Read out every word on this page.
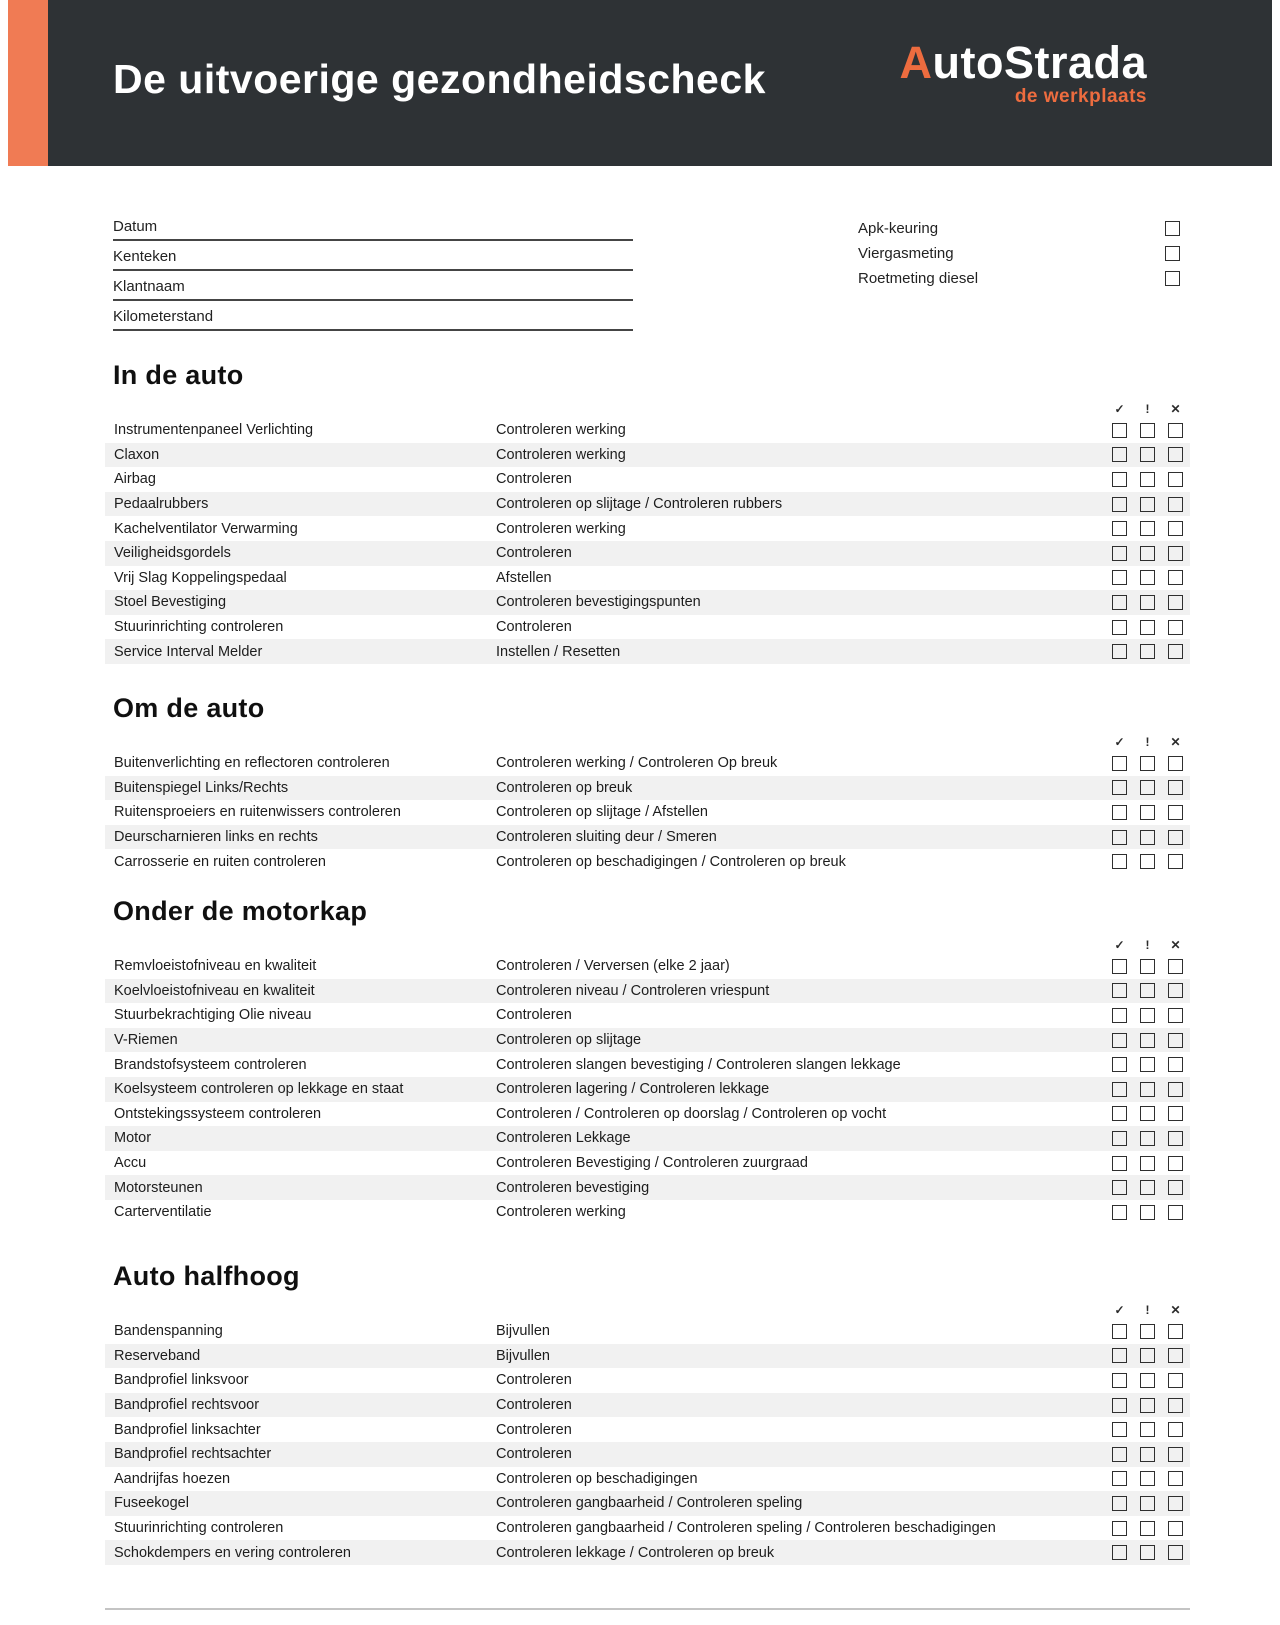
De uitvoerige gezondheidscheck	AutoStrada
de werkplaats
Datum
Kenteken
Klantnaam
Kilometerstand
Apk-keuring
Viergasmeting
Roetmeting diesel
In de auto
✓	!	✕
Instrumentenpaneel Verlichting	Controleren werking
Claxon	Controleren werking
Airbag	Controleren
Pedaalrubbers	Controleren op slijtage / Controleren rubbers
Kachelventilator Verwarming	Controleren werking
Veiligheidsgordels	Controleren
Vrij Slag Koppelingspedaal	Afstellen
Stoel Bevestiging	Controleren bevestigingspunten
Stuurinrichting controleren	Controleren
Service Interval Melder	Instellen / Resetten
Om de auto
✓	!	✕
Buitenverlichting en reflectoren controleren	Controleren werking / Controleren Op breuk
Buitenspiegel Links/Rechts	Controleren op breuk
Ruitensproeiers en ruitenwissers controleren	Controleren op slijtage / Afstellen
Deurscharnieren links en rechts	Controleren sluiting deur / Smeren
Carrosserie en ruiten controleren	Controleren op beschadigingen / Controleren op breuk
Onder de motorkap
✓	!	✕
Remvloeistofniveau en kwaliteit	Controleren / Verversen (elke 2 jaar)
Koelvloeistofniveau en kwaliteit	Controleren niveau / Controleren vriespunt
Stuurbekrachtiging Olie niveau	Controleren
V-Riemen	Controleren op slijtage
Brandstofsysteem controleren	Controleren slangen bevestiging / Controleren slangen lekkage
Koelsysteem controleren op lekkage en staat	Controleren lagering / Controleren lekkage
Ontstekingssysteem controleren	Controleren / Controleren op doorslag / Controleren op vocht
Motor	Controleren Lekkage
Accu	Controleren Bevestiging / Controleren zuurgraad
Motorsteunen	Controleren bevestiging
Carterventilatie	Controleren werking
Auto halfhoog
✓	!	✕
Bandenspanning	Bijvullen
Reserveband	Bijvullen
Bandprofiel linksvoor	Controleren
Bandprofiel rechtsvoor	Controleren
Bandprofiel linksachter	Controleren
Bandprofiel rechtsachter	Controleren
Aandrijfas hoezen	Controleren op beschadigingen
Fuseekogel	Controleren gangbaarheid / Controleren speling
Stuurinrichting controleren	Controleren gangbaarheid / Controleren speling / Controleren beschadigingen
Schokdempers en vering controleren	Controleren lekkage / Controleren op breuk
